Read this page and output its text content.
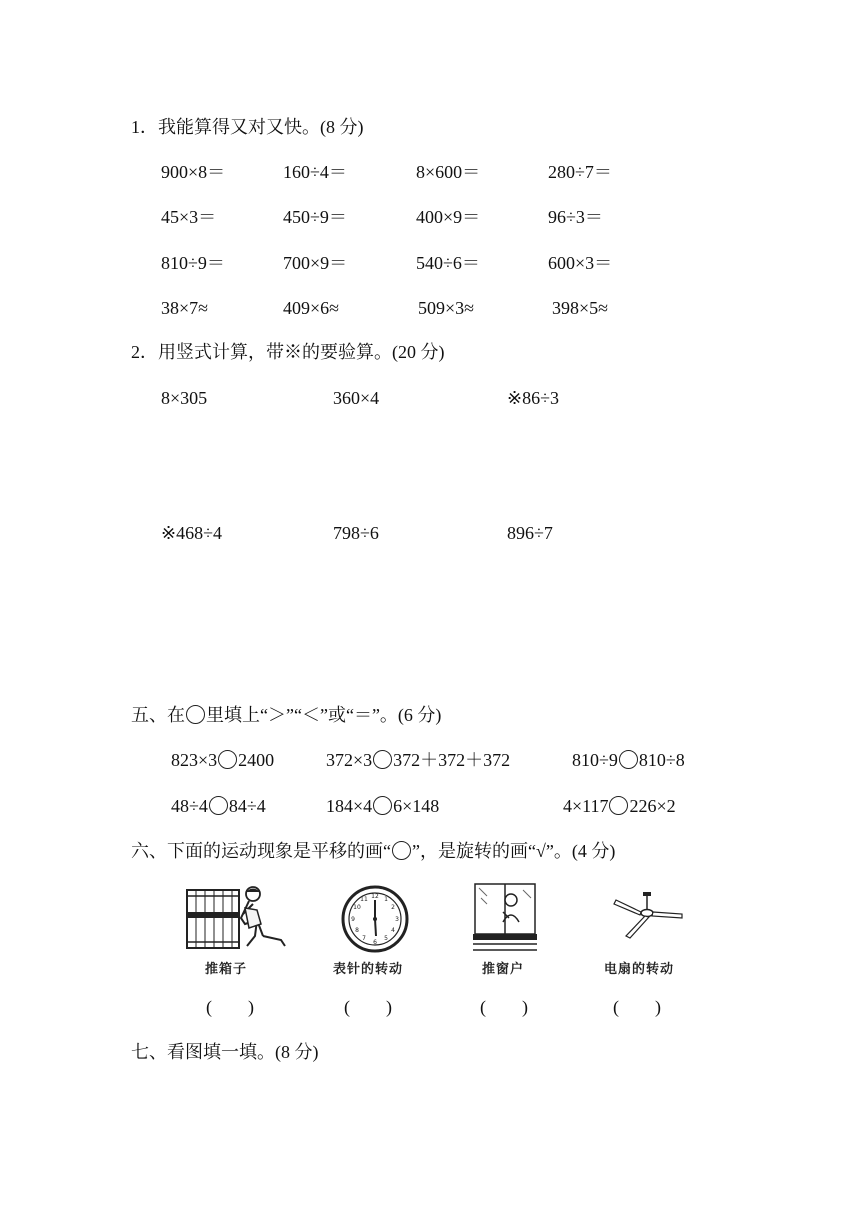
1．我能算得又对又快。(8 分)
900×8＝	160÷4＝	8×600＝	280÷7＝
45×3＝	450÷9＝	400×9＝	96÷3＝
810÷9＝	700×9＝	540÷6＝	600×3＝
38×7≈	409×6≈	509×3≈	398×5≈
2．用竖式计算，带※的要验算。(20 分)
8×305	360×4	※86÷3
※468÷4	798÷6	896÷7
五、在 里填上“＞”“＜”或“＝”。(6 分)
823×3 2400	372×3 372＋372＋372	810÷9 810÷8
48÷4 84÷4	184×4 6×148	4×117 226×2
六、下面的运动现象是平移的画“○”，是旋转的画“√”。(4 分)
12 1
2
3
4
5
6
7
8
9
10
11
推箱子	表针的转动	推窗户	电扇的转动
(　　)	(　　)	(　　)	(　　)
七、看图填一填。(8 分)
